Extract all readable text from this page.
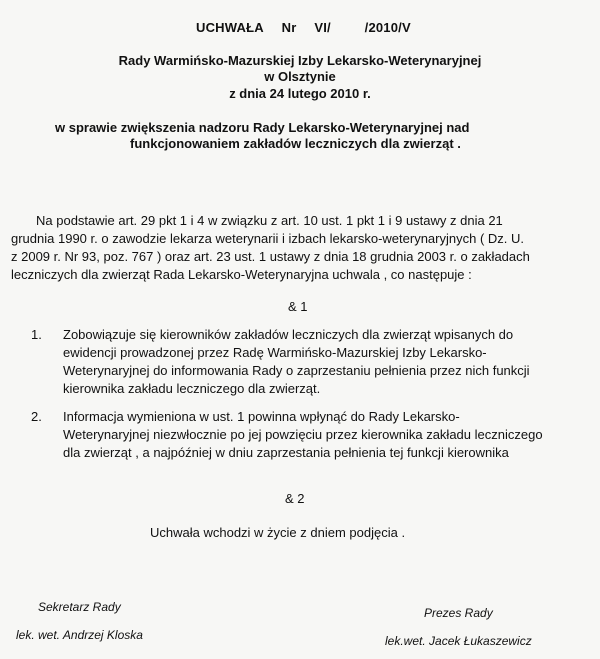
UCHWAŁA Nr VI/	/2010/V
Rady Warmińsko-Mazurskiej Izby Lekarsko-Weterynaryjnej
w Olsztynie
z dnia 24 lutego 2010 r.
w sprawie zwiększenia nadzoru Rady Lekarsko-Weterynaryjnej nad
funkcjonowaniem zakładów leczniczych dla zwierząt .
Na podstawie art. 29 pkt 1 i 4 w związku z art. 10 ust. 1 pkt 1 i 9 ustawy z dnia 21
grudnia 1990 r. o zawodzie lekarza weterynarii i izbach lekarsko-weterynaryjnych ( Dz. U.
z 2009 r. Nr 93, poz. 767 ) oraz art. 23 ust. 1 ustawy z dnia 18 grudnia 2003 r. o zakładach
leczniczych dla zwierząt Rada Lekarsko-Weterynaryjna uchwala , co następuje :
& 1
1. Zobowiązuje się kierowników zakładów leczniczych dla zwierząt wpisanych do
ewidencji prowadzonej przez Radę Warmińsko-Mazurskiej Izby Lekarsko-
Weterynaryjnej do informowania Rady o zaprzestaniu pełnienia przez nich funkcji
kierownika zakładu leczniczego dla zwierząt.
2. Informacja wymieniona w ust. 1 powinna wpłynąć do Rady Lekarsko-
Weterynaryjnej niezwłocznie po jej powzięciu przez kierownika zakładu leczniczego
dla zwierząt , a najpóźniej w dniu zaprzestania pełnienia tej funkcji kierownika
& 2
Uchwała wchodzi w życie z dniem podjęcia .
Sekretarz Rady
lek. wet. Andrzej Kloska
Prezes Rady
lek.wet. Jacek Łukaszewicz
